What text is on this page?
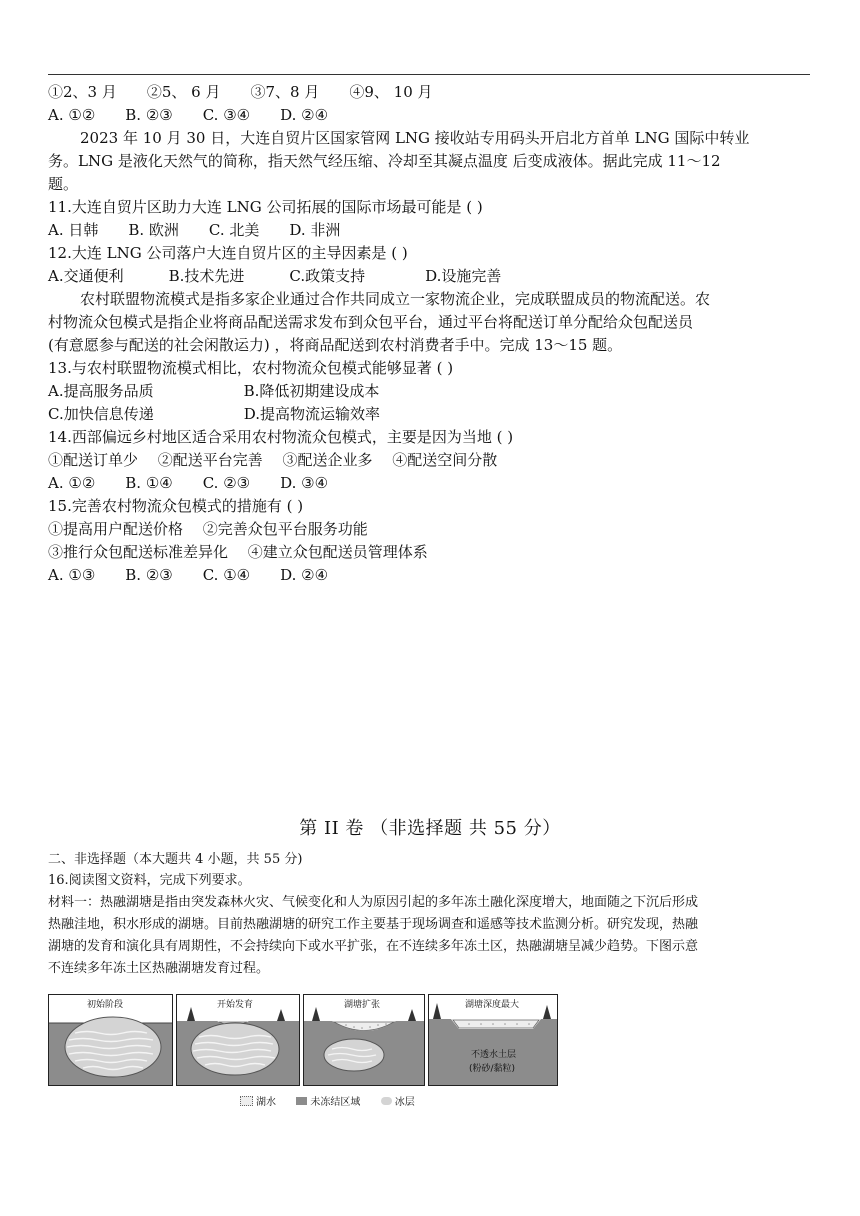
①2、3 月　　②5、 6 月　　③7、8 月　　④9、 10 月
A. ①②　　B. ②③　　C. ③④　　D. ②④
2023 年 10 月 30 日，大连自贸片区国家管网 LNG 接收站专用码头开启北方首单 LNG 国际中转业
务。LNG 是液化天然气的简称，指天然气经压缩、冷却至其凝点温度 后变成液体。据此完成 11～12
题。
11.大连自贸片区助力大连 LNG 公司拓展的国际市场最可能是 ( )
A. 日韩　　B. 欧洲　　C. 北美　　D. 非洲
12.大连 LNG 公司落户大连自贸片区的主导因素是 ( )
A.交通便利　　　B.技术先进　　　C.政策支持　　　　D.设施完善
农村联盟物流模式是指多家企业通过合作共同成立一家物流企业，完成联盟成员的物流配送。农
村物流众包模式是指企业将商品配送需求发布到众包平台，通过平台将配送订单分配给众包配送员
(有意愿参与配送的社会闲散运力) ，将商品配送到农村消费者手中。完成 13～15 题。
13.与农村联盟物流模式相比，农村物流众包模式能够显著 ( )
A.提高服务品质　　　　　　B.降低初期建设成本
C.加快信息传递　　　　　　D.提高物流运输效率
14.西部偏远乡村地区适合采用农村物流众包模式，主要是因为当地 ( )
①配送订单少　 ②配送平台完善　 ③配送企业多　 ④配送空间分散
A. ①②　　B. ①④　　C. ②③　　D. ③④
15.完善农村物流众包模式的措施有 ( )
①提高用户配送价格　 ②完善众包平台服务功能
③推行众包配送标准差异化　 ④建立众包配送员管理体系
A. ①③　　B. ②③　　C. ①④　　D. ②④
第 II 卷 （非选择题 共 55 分）
二、非选择题（本大题共 4 小题，共 55 分)
16.阅读图文资料，完成下列要求。
材料一：热融湖塘是指由突发森林火灾、气候变化和人为原因引起的多年冻土融化深度增大，地面随之下沉后形成
热融洼地，积水形成的湖塘。目前热融湖塘的研究工作主要基于现场调查和遥感等技术监测分析。研究发现，热融
湖塘的发育和演化具有周期性，不会持续向下或水平扩张，在不连续多年冻土区，热融湖塘呈减少趋势。下图示意
不连续多年冻土区热融湖塘发育过程。
初始阶段	开始发育	湖塘扩张	湖塘深度最大
不透水土层
(粉砂/黏粒)
湖水	未冻结区域	冰层
